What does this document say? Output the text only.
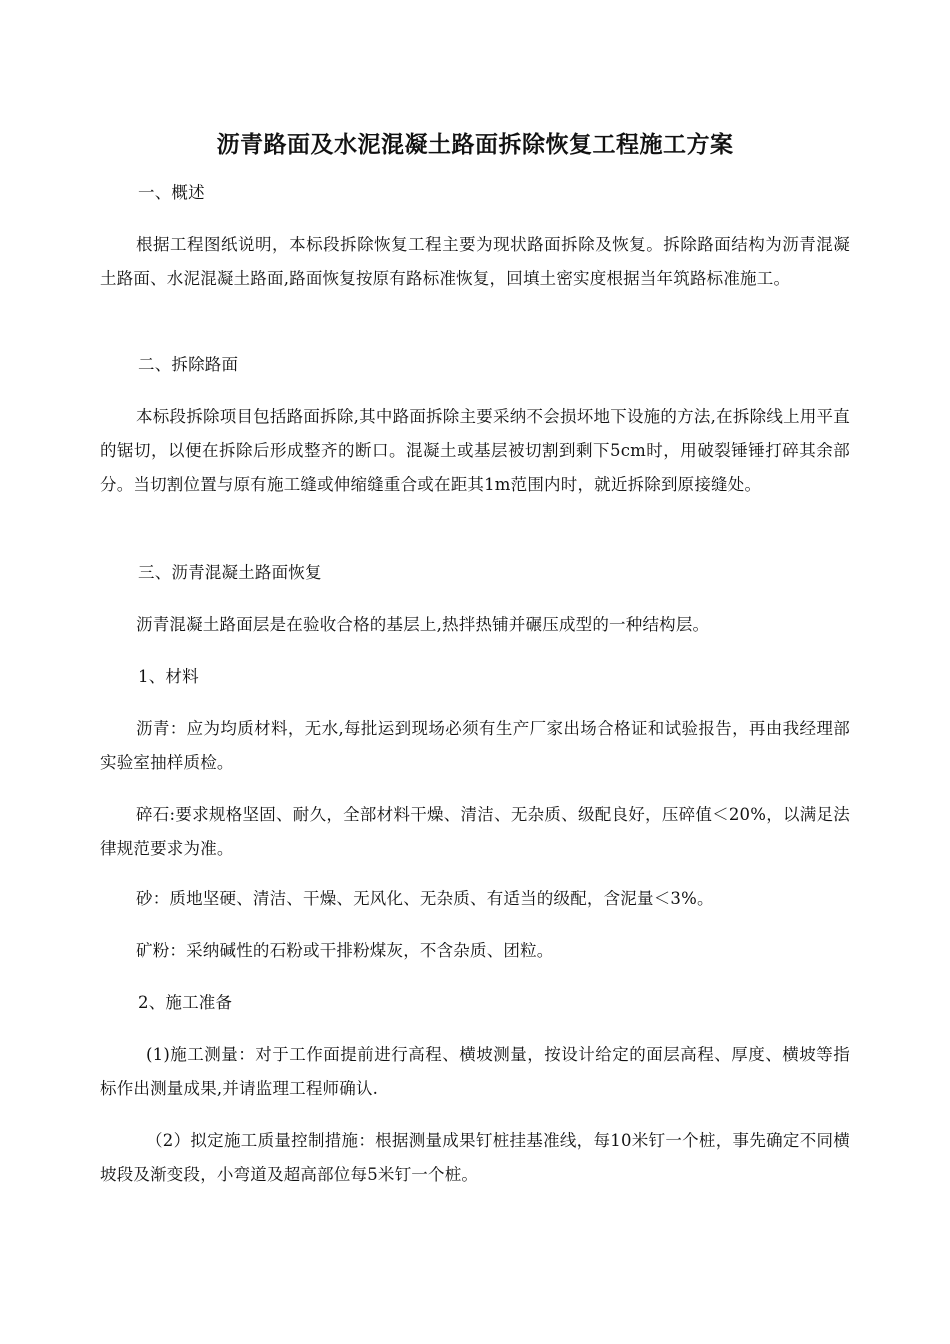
沥青路面及水泥混凝土路面拆除恢复工程施工方案

一、概述

根据工程图纸说明，本标段拆除恢复工程主要为现状路面拆除及恢复。拆除路面结构为沥青混凝土路面、水泥混凝土路面,路面恢复按原有路标准恢复，回填土密实度根据当年筑路标准施工。

二、拆除路面

本标段拆除项目包括路面拆除,其中路面拆除主要采纳不会损坏地下设施的方法,在拆除线上用平直的锯切，以便在拆除后形成整齐的断口。混凝土或基层被切割到剩下5cm时，用破裂锤锤打碎其余部分。当切割位置与原有施工缝或伸缩缝重合或在距其1m范围内时，就近拆除到原接缝处。

三、沥青混凝土路面恢复

沥青混凝土路面层是在验收合格的基层上,热拌热铺并碾压成型的一种结构层。

1、材料

沥青：应为均质材料，无水,每批运到现场必须有生产厂家出场合格证和试验报告，再由我经理部实验室抽样质检。

碎石:要求规格坚固、耐久，全部材料干燥、清洁、无杂质、级配良好，压碎值＜20%，以满足法律规范要求为准。

砂：质地坚硬、清洁、干燥、无风化、无杂质、有适当的级配，含泥量＜3%。

矿粉：采纳碱性的石粉或干排粉煤灰，不含杂质、团粒。

2、施工准备

(1)施工测量：对于工作面提前进行高程、横坡测量，按设计给定的面层高程、厚度、横坡等指标作出测量成果,并请监理工程师确认.

（2）拟定施工质量控制措施：根据测量成果钉桩挂基准线，每10米钉一个桩，事先确定不同横坡段及渐变段，小弯道及超高部位每5米钉一个桩。
